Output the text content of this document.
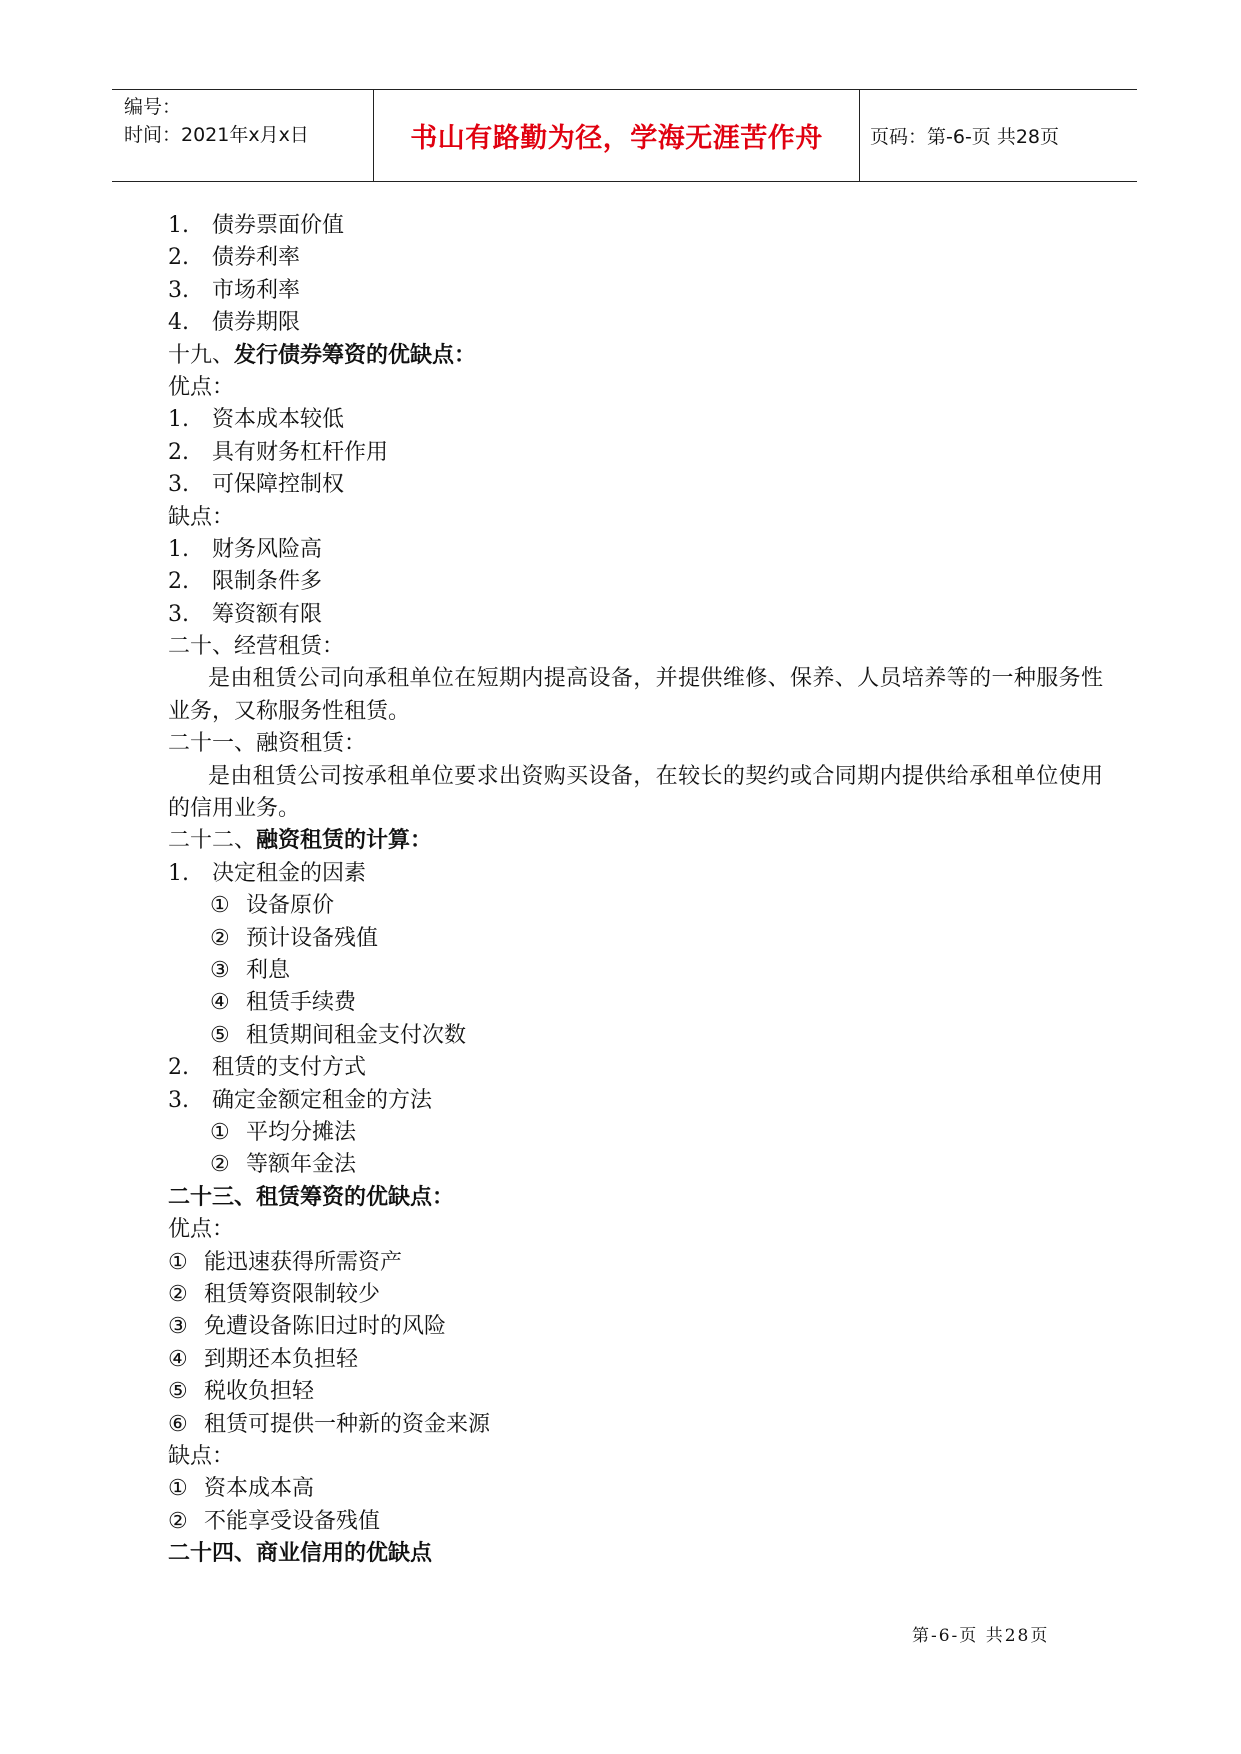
编号：
时间：2021年x月x日	书山有路勤为径，学海无涯苦作舟 页码：第-6-页 共28页
1. 债券票面价值
2. 债券利率
3. 市场利率
4. 债券期限
十九、发行债券筹资的优缺点：
优点：
1. 资本成本较低
2. 具有财务杠杆作用
3. 可保障控制权
缺点：
1. 财务风险高
2. 限制条件多
3. 筹资额有限
二十、经营租赁：
是由租赁公司向承租单位在短期内提高设备，并提供维修、保养、人员培养等的一种服务性业务，又称服务性租赁。
二十一、融资租赁：
是由租赁公司按承租单位要求出资购买设备，在较长的契约或合同期内提供给承租单位使用的信用业务。
二十二、融资租赁的计算：
1. 决定租金的因素
① 设备原价
② 预计设备残值
③ 利息
④ 租赁手续费
⑤ 租赁期间租金支付次数
2. 租赁的支付方式
3. 确定金额定租金的方法
① 平均分摊法
② 等额年金法
二十三、租赁筹资的优缺点：
优点：
① 能迅速获得所需资产
② 租赁筹资限制较少
③ 免遭设备陈旧过时的风险
④ 到期还本负担轻
⑤ 税收负担轻
⑥ 租赁可提供一种新的资金来源
缺点：
① 资本成本高
② 不能享受设备残值
二十四、商业信用的优缺点
第-6-页 共28页
